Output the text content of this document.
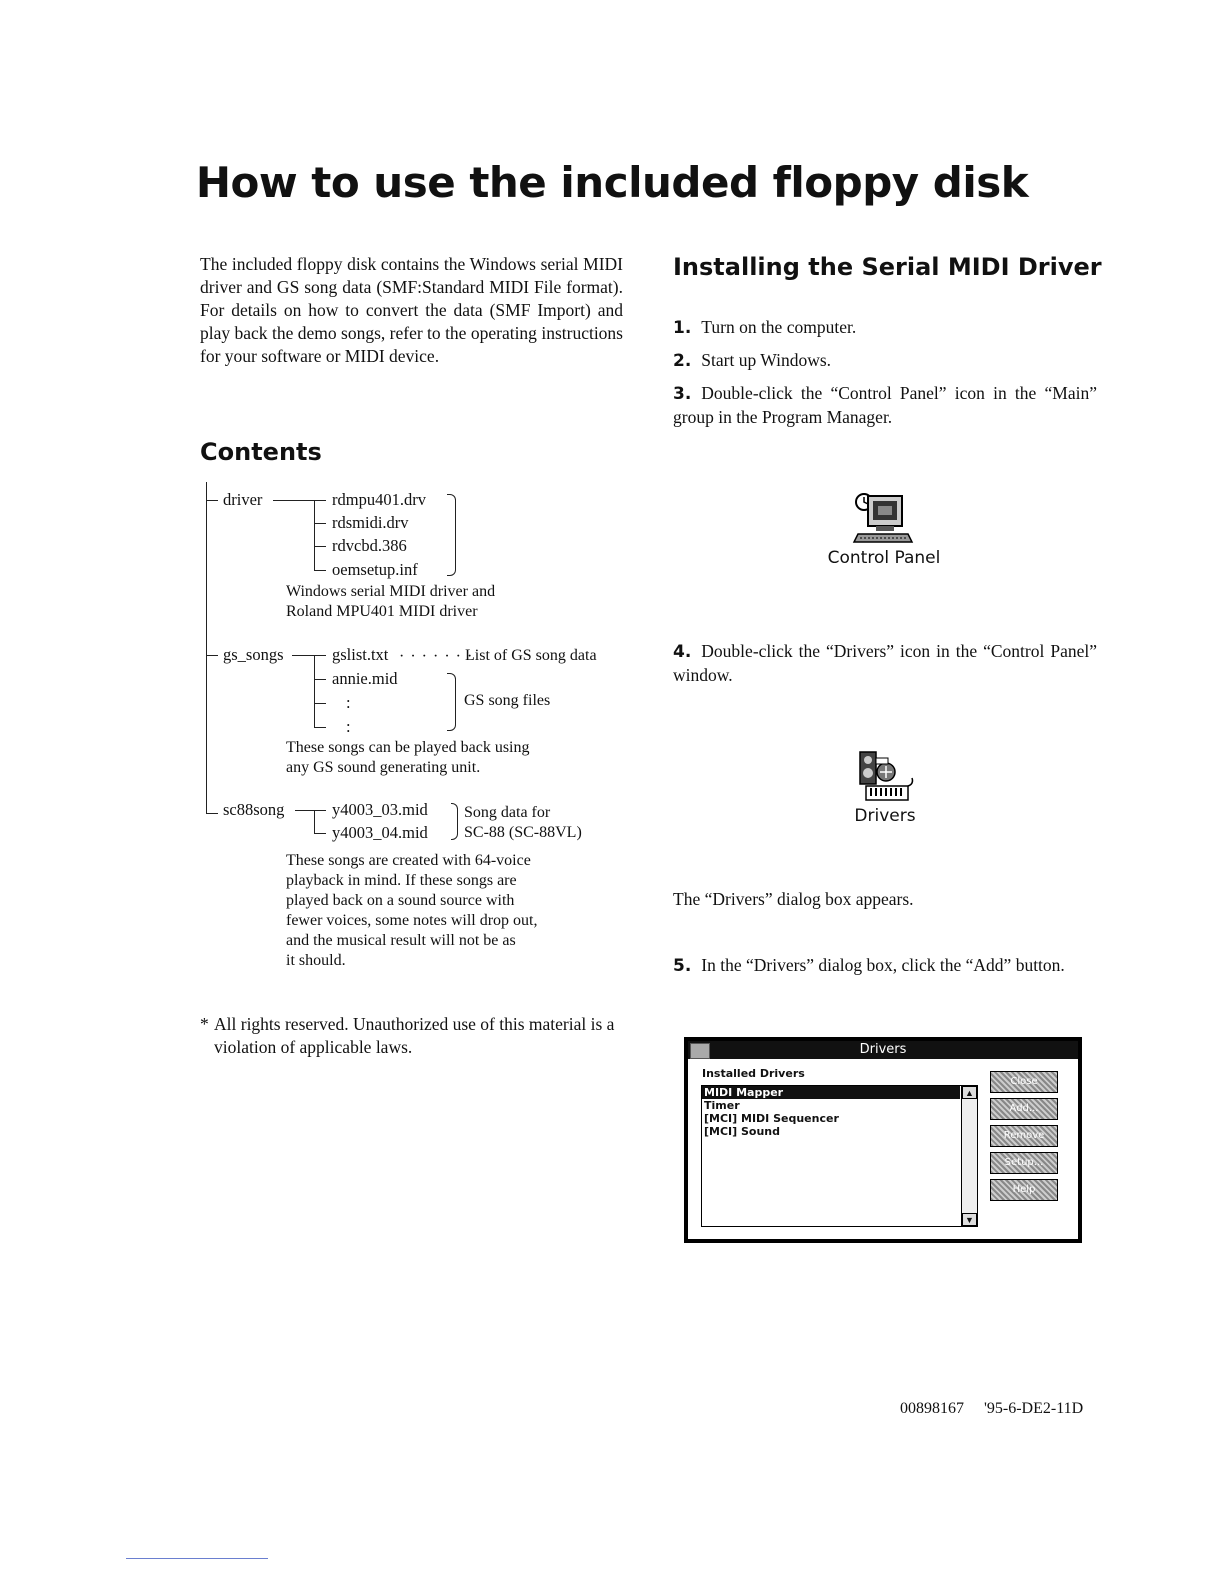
How to use the included floppy disk
The included floppy disk contains the Windows serial MIDI driver and GS song data (SMF:Standard MIDI File format). For details on how to convert the data (SMF Import) and play back the demo songs, refer to the operating instructions for your software or MIDI device.
Contents
driver	rdmpu401.drv
rdsmidi.drv
rdvcbd.386
oemsetup.inf
Windows serial MIDI driver and
Roland MPU401 MIDI driver
gs_songs	gslist.txt · · · · · · ·
List of GS song data
annie.mid
:
:
GS song files
These songs can be played back using
any GS sound generating unit.
sc88song	y4003_03.mid
y4003_04.mid
Song data for
SC-88 (SC-88VL)
These songs are created with 64-voice
playback in mind. If these songs are
played back on a sound source with
fewer voices, some notes will drop out,
and the musical result will not be as
it should.
* All rights reserved. Unauthorized use of this material is a violation of applicable laws.
Installing the Serial MIDI Driver
1. Turn on the computer.
2. Start up Windows.
3. Double-click the “Control Panel” icon in the “Main” group in the Program Manager.
Control Panel
4. Double-click the “Drivers” icon in the “Control Panel” window.
Drivers
The “Drivers” dialog box appears.
5. In the “Drivers” dialog box, click the “Add” button.
Drivers
Installed Drivers
MIDI Mapper
Timer
[MCI] MIDI Sequencer
[MCI] Sound
▲
▼
Close
Add...
Remove
Setup...
Help
00898167 '95-6-DE2-11D
